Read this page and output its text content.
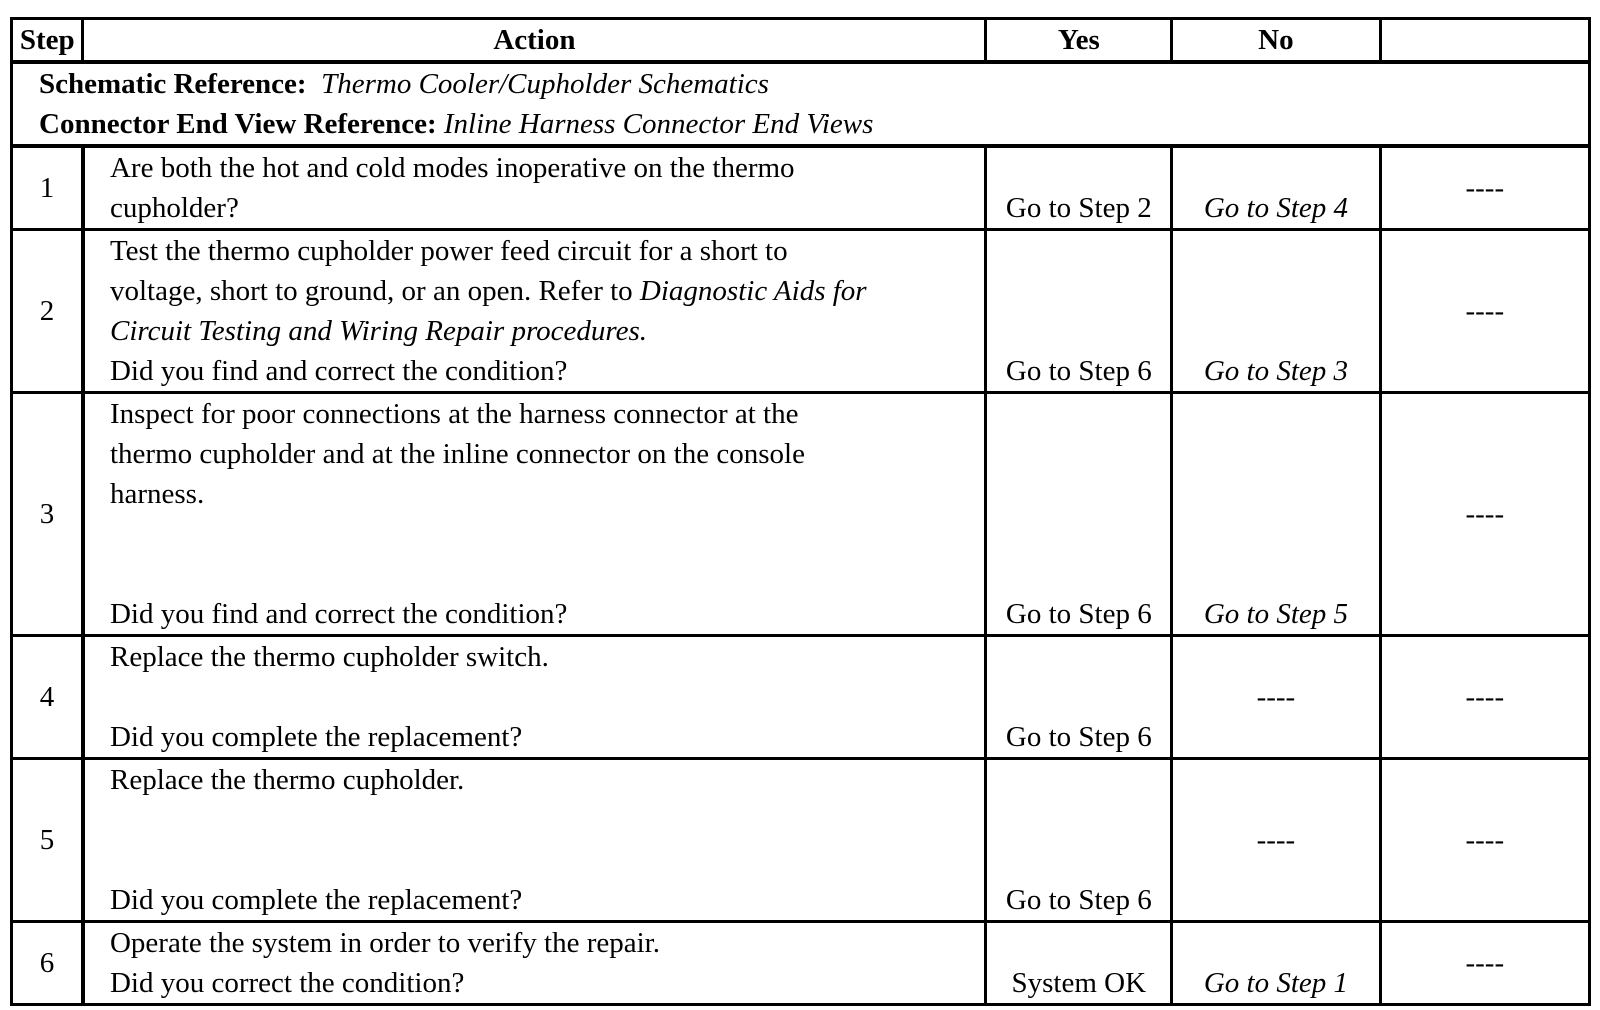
Step	Action	Yes	No	

Schematic Reference: Thermo Cooler/Cupholder Schematics
Connector End View Reference: Inline Harness Connector End Views				

1	Are both the hot and cold modes inoperative on the thermo
cupholder?	Go to Step 2	Go to Step 4	----
2	Test the thermo cupholder power feed circuit for a short to
voltage, short to ground, or an open. Refer to Diagnostic Aids for
Circuit Testing and Wiring Repair procedures.
Did you find and correct the condition?	Go to Step 6	Go to Step 3	----
3	Inspect for poor connections at the harness connector at the
thermo cupholder and at the inline connector on the console
harness.
Did you find and correct the condition?	Go to Step 6	Go to Step 5	----
4	Replace the thermo cupholder switch.
Did you complete the replacement?	Go to Step 6	----	----
5	Replace the thermo cupholder.
Did you complete the replacement?	Go to Step 6	----	----
6	Operate the system in order to verify the repair.
Did you correct the condition?	System OK	Go to Step 1	----
